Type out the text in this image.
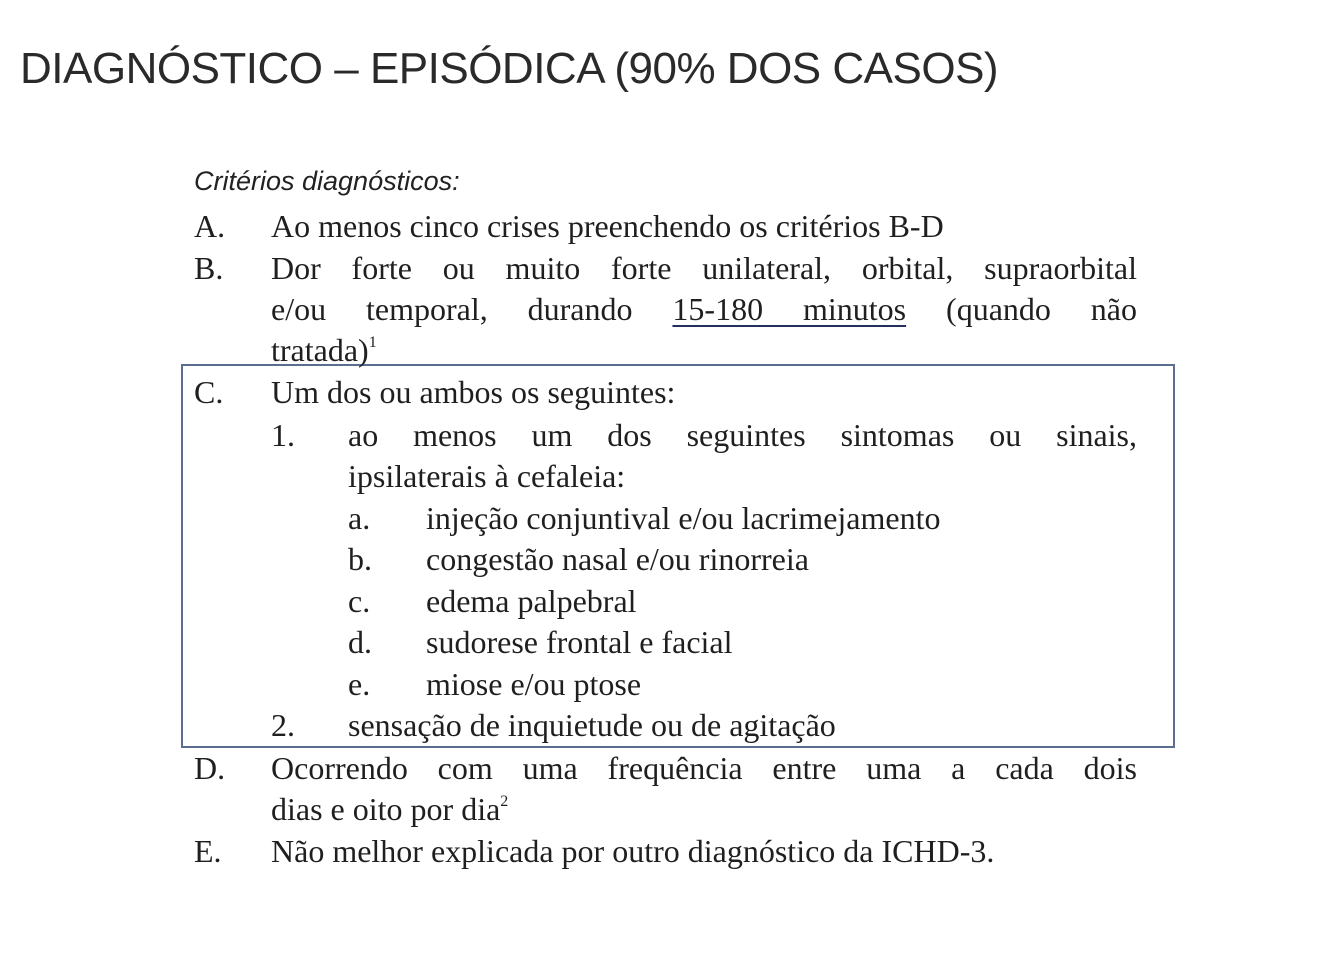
DIAGNÓSTICO – EPISÓDICA (90% DOS CASOS)
Critérios diagnósticos:
A. Ao menos cinco crises preenchendo os critérios B-D
B. Dor forte ou muito forte unilateral, orbital, supraorbital
e/ou temporal, durando 15-180 minutos (quando não
tratada)$^1$
C. Um dos ou ambos os seguintes:
1. ao menos um dos seguintes sintomas ou sinais,
ipsilaterais à cefaleia:
a. injeção conjuntival e/ou lacrimejamento
b. congestão nasal e/ou rinorreia
c. edema palpebral
d. sudorese frontal e facial
e. miose e/ou ptose
2. sensação de inquietude ou de agitação
D. Ocorrendo com uma frequência entre uma a cada dois
dias e oito por dia$^2$
E. Não melhor explicada por outro diagnóstico da ICHD-3.
